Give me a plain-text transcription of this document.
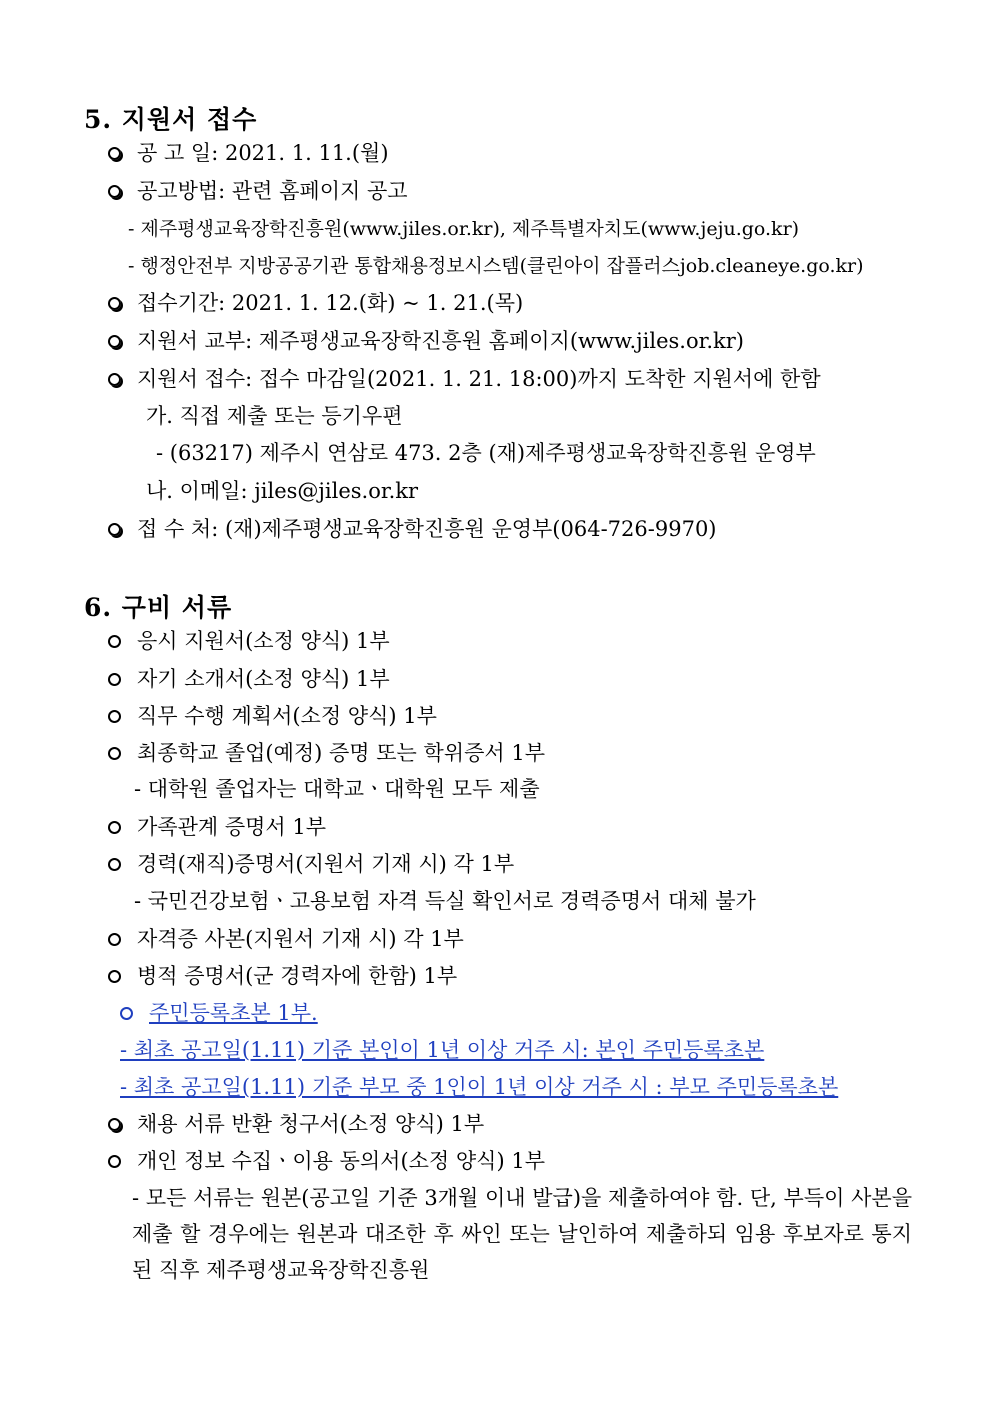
5. 지원서 접수
공 고 일: 2021. 1. 11.(월)
공고방법: 관련 홈페이지 공고
- 제주평생교육장학진흥원(www.jiles.or.kr), 제주특별자치도(www.jeju.go.kr)
- 행정안전부 지방공공기관 통합채용정보시스템(클린아이 잡플러스job.cleaneye.go.kr)
접수기간: 2021. 1. 12.(화) ~ 1. 21.(목)
지원서 교부: 제주평생교육장학진흥원 홈페이지(www.jiles.or.kr)
지원서 접수: 접수 마감일(2021. 1. 21. 18:00)까지 도착한 지원서에 한함
가. 직접 제출 또는 등기우편
- (63217) 제주시 연삼로 473. 2층 (재)제주평생교육장학진흥원 운영부
나. 이메일: jiles@jiles.or.kr
접 수 처: (재)제주평생교육장학진흥원 운영부(064-726-9970)
6. 구비 서류
응시 지원서(소정 양식) 1부
자기 소개서(소정 양식) 1부
직무 수행 계획서(소정 양식) 1부
최종학교 졸업(예정) 증명 또는 학위증서 1부
- 대학원 졸업자는 대학교ㆍ대학원 모두 제출
가족관계 증명서 1부
경력(재직)증명서(지원서 기재 시) 각 1부
- 국민건강보험ㆍ고용보험 자격 득실 확인서로 경력증명서 대체 불가
자격증 사본(지원서 기재 시) 각 1부
병적 증명서(군 경력자에 한함) 1부
주민등록초본 1부.
- 최초 공고일(1.11) 기준 본인이 1년 이상 거주 시: 본인 주민등록초본
- 최초 공고일(1.11) 기준 부모 중 1인이 1년 이상 거주 시 : 부모 주민등록초본
채용 서류 반환 청구서(소정 양식) 1부
개인 정보 수집ㆍ이용 동의서(소정 양식) 1부
- 모든 서류는 원본(공고일 기준 3개월 이내 발급)을 제출하여야 함. 단, 부득이 사본을 제출 할 경우에는 원본과 대조한 후 싸인 또는 날인하여 제출하되 임용 후보자로 통지된 직후 제주평생교육장학진흥원
